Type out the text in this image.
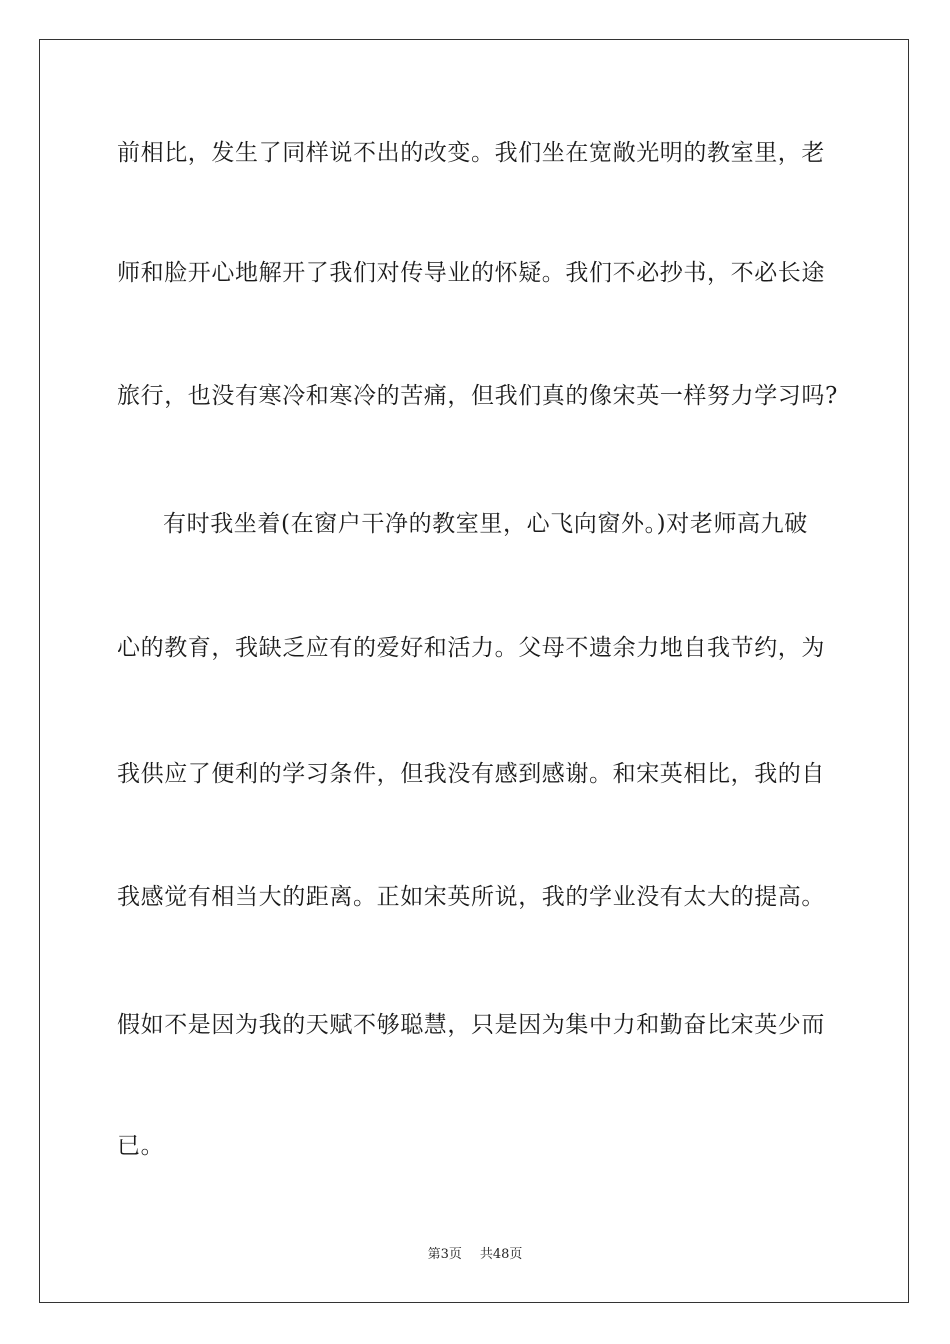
前相比，发生了同样说不出的改变。我们坐在宽敞光明的教室里，老
师和脸开心地解开了我们对传导业的怀疑。我们不必抄书，不必长途
旅行，也没有寒冷和寒冷的苦痛，但我们真的像宋英一样努力学习吗?
有时我坐着(在窗户干净的教室里，心飞向窗外。)对老师高九破
心的教育，我缺乏应有的爱好和活力。父母不遗余力地自我节约，为
我供应了便利的学习条件，但我没有感到感谢。和宋英相比，我的自
我感觉有相当大的距离。正如宋英所说，我的学业没有太大的提高。
假如不是因为我的天赋不够聪慧，只是因为集中力和勤奋比宋英少而
已。
第3页 共48页
